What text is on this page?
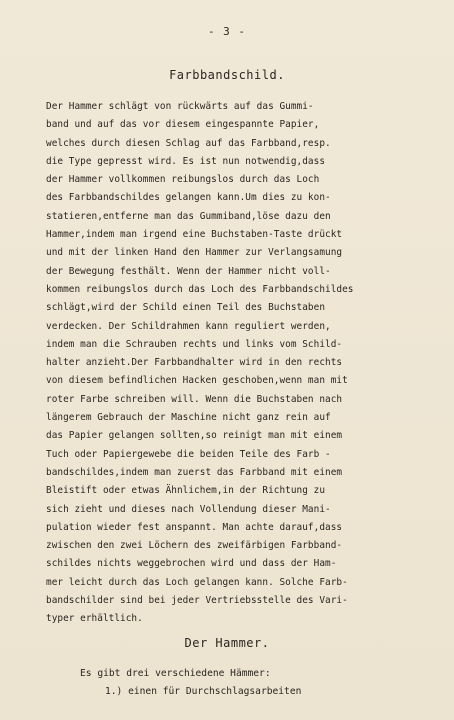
- 3 -
Farbbandschild.
Der Hammer schlägt von rückwärts auf das Gummi-
band und auf das vor diesem eingespannte Papier,
welches durch diesen Schlag auf das Farbband,resp.
die Type gepresst wird. Es ist nun notwendig,dass
der Hammer vollkommen reibungslos durch das Loch
des Farbbandschildes gelangen kann.Um dies zu kon-
statieren,entferne man das Gummiband,löse dazu den
Hammer,indem man irgend eine Buchstaben-Taste drückt
und mit der linken Hand den Hammer zur Verlangsamung
der Bewegung festhält. Wenn der Hammer nicht voll-
kommen reibungslos durch das Loch des Farbbandschildes
schlägt,wird der Schild einen Teil des Buchstaben
verdecken. Der Schildrahmen kann reguliert werden,
indem man die Schrauben rechts und links vom Schild-
halter anzieht.Der Farbbandhalter wird in den rechts
von diesem befindlichen Hacken geschoben,wenn man mit
roter Farbe schreiben will. Wenn die Buchstaben nach
längerem Gebrauch der Maschine nicht ganz rein auf
das Papier gelangen sollten,so reinigt man mit einem
Tuch oder Papiergewebe die beiden Teile des Farb -
bandschildes,indem man zuerst das Farbband mit einem
Bleistift oder etwas Ähnlichem,in der Richtung zu
sich zieht und dieses nach Vollendung dieser Mani-
pulation wieder fest anspannt. Man achte darauf,dass
zwischen den zwei Löchern des zweifärbigen Farbband-
schildes nichts weggebrochen wird und dass der Ham-
mer leicht durch das Loch gelangen kann. Solche Farb-
bandschilder sind bei jeder Vertriebsstelle des Vari-
typer erhältlich.
Der Hammer.
Es gibt drei verschiedene Hämmer:
1.) einen für Durchschlagsarbeiten
